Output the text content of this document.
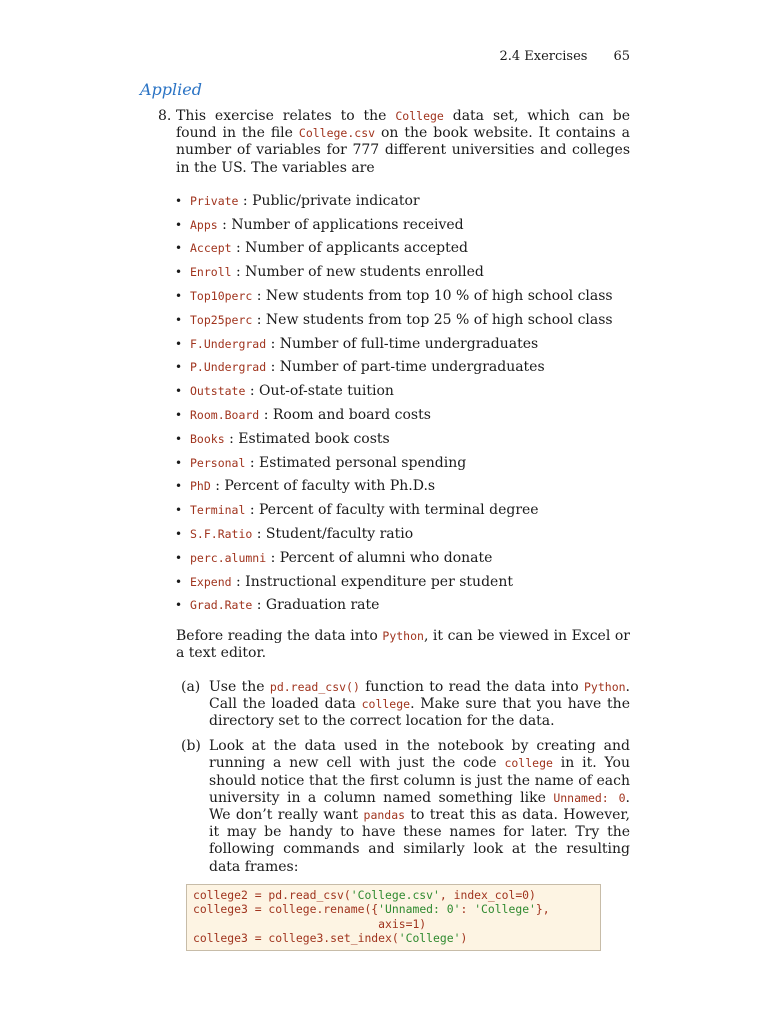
2.4 Exercises 65
Applied
8. This exercise relates to the College data set, which can be found in the file College.csv on the book website. It contains a number of variables for 777 different universities and colleges in the US. The variables are
• Private : Public/private indicator
• Apps : Number of applications received
• Accept : Number of applicants accepted
• Enroll : Number of new students enrolled
• Top10perc : New students from top 10 % of high school class
• Top25perc : New students from top 25 % of high school class
• F.Undergrad : Number of full-time undergraduates
• P.Undergrad : Number of part-time undergraduates
• Outstate : Out-of-state tuition
• Room.Board : Room and board costs
• Books : Estimated book costs
• Personal : Estimated personal spending
• PhD : Percent of faculty with Ph.D.s
• Terminal : Percent of faculty with terminal degree
• S.F.Ratio : Student/faculty ratio
• perc.alumni : Percent of alumni who donate
• Expend : Instructional expenditure per student
• Grad.Rate : Graduation rate
Before reading the data into Python, it can be viewed in Excel or a text editor.
(a) Use the pd.read_csv() function to read the data into Python. Call the loaded data college. Make sure that you have the directory set to the correct location for the data.
(b) Look at the data used in the notebook by creating and running a new cell with just the code college in it. You should notice that the first column is just the name of each university in a column named something like Unnamed: 0. We don’t really want pandas to treat this as data. However, it may be handy to have these names for later. Try the following commands and similarly look at the resulting data frames:
college2 = pd.read_csv('College.csv', index_col=0)
college3 = college.rename({'Unnamed: 0': 'College'},
axis=1)
college3 = college3.set_index('College')
